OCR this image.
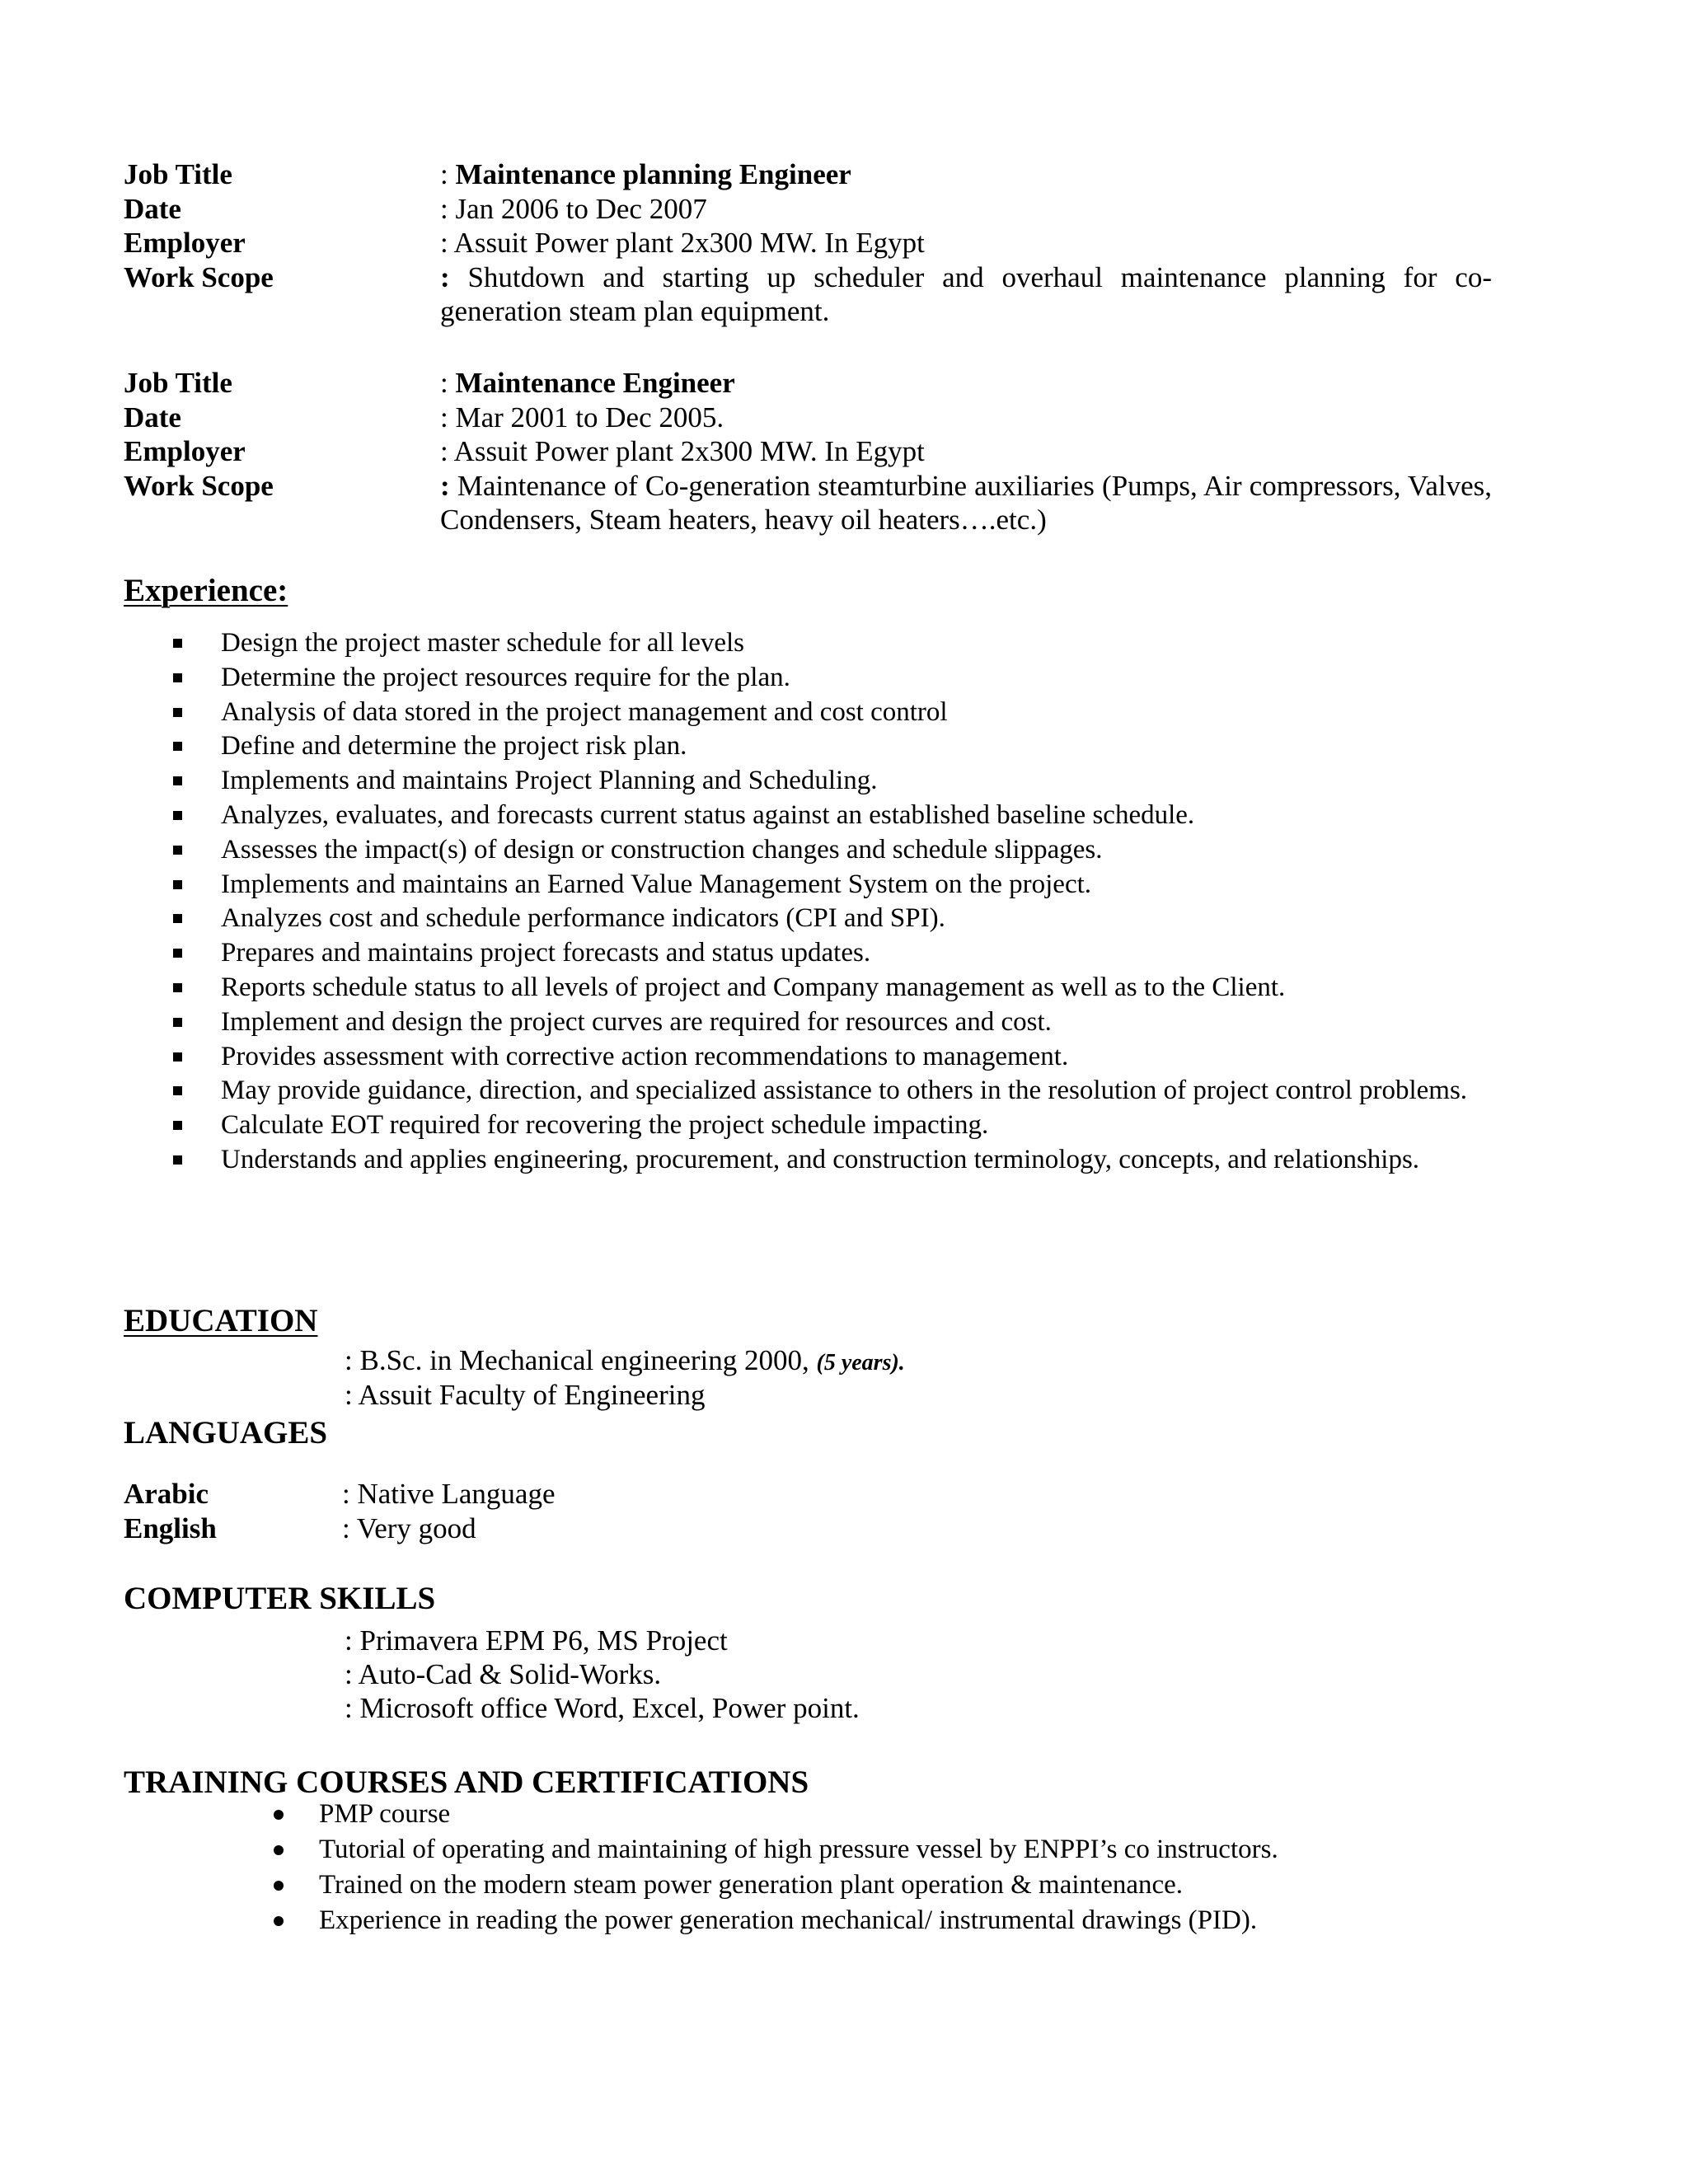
Job Title	: Maintenance planning Engineer
Date	: Jan 2006 to Dec 2007
Employer	: Assuit Power plant 2x300 MW. In Egypt
Work Scope	: Shutdown and starting up scheduler and overhaul maintenance planning for co-generation steam plan equipment.
Job Title	: Maintenance Engineer
Date	: Mar 2001 to Dec 2005.
Employer	: Assuit Power plant 2x300 MW. In Egypt
Work Scope	: Maintenance of Co-generation steamturbine auxiliaries (Pumps, Air compressors, Valves, Condensers, Steam heaters, heavy oil heaters….etc.)
Experience:
Design the project master schedule for all levels
Determine the project resources require for the plan.
Analysis of data stored in the project management and cost control
Define and determine the project risk plan.
Implements and maintains Project Planning and Scheduling.
Analyzes, evaluates, and forecasts current status against an established baseline schedule.
Assesses the impact(s) of design or construction changes and schedule slippages.
Implements and maintains an Earned Value Management System on the project.
Analyzes cost and schedule performance indicators (CPI and SPI).
Prepares and maintains project forecasts and status updates.
Reports schedule status to all levels of project and Company management as well as to the Client.
Implement and design the project curves are required for resources and cost.
Provides assessment with corrective action recommendations to management.
May provide guidance, direction, and specialized assistance to others in the resolution of project control problems.
Calculate EOT required for recovering the project schedule impacting.
Understands and applies engineering, procurement, and construction terminology, concepts, and relationships.
EDUCATION
: B.Sc. in Mechanical engineering 2000, (5 years).
: Assuit Faculty of Engineering
LANGUAGES
Arabic	: Native Language
English	: Very good
COMPUTER SKILLS
: Primavera EPM P6, MS Project
: Auto-Cad & Solid-Works.
: Microsoft office Word, Excel, Power point.
TRAINING COURSES AND CERTIFICATIONS
PMP course
Tutorial of operating and maintaining of high pressure vessel by ENPPI’s co instructors.
Trained on the modern steam power generation plant operation & maintenance.
Experience in reading the power generation mechanical/ instrumental drawings (PID).
